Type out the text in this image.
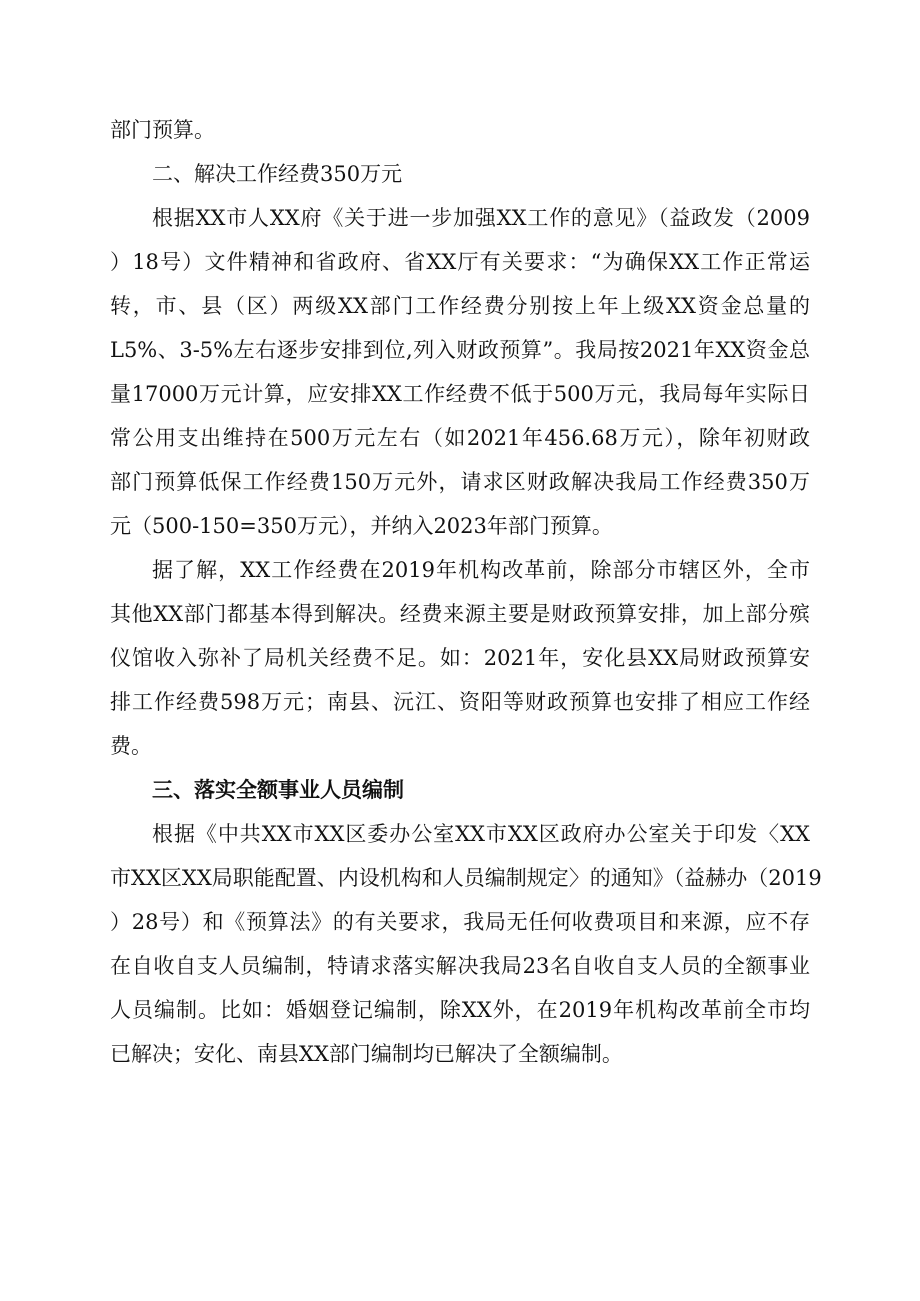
部门预算。
二、解决工作经费350万元
根据XX市人XX府《关于进一步加强XX工作的意见》（益政发（2009
）18号）文件精神和省政府、省XX厅有关要求：“为确保XX工作正常运
转，市、县（区）两级XX部门工作经费分别按上年上级XX资金总量的
L5%、3-5%左右逐步安排到位,列入财政预算”。我局按2021年XX资金总
量17000万元计算，应安排XX工作经费不低于500万元，我局每年实际日
常公用支出维持在500万元左右（如2021年456.68万元），除年初财政
部门预算低保工作经费150万元外，请求区财政解决我局工作经费350万
元（500-150=350万元），并纳入2023年部门预算。
据了解，XX工作经费在2019年机构改革前，除部分市辖区外，全市
其他XX部门都基本得到解决。经费来源主要是财政预算安排，加上部分殡
仪馆收入弥补了局机关经费不足。如：2021年，安化县XX局财政预算安
排工作经费598万元；南县、沅江、资阳等财政预算也安排了相应工作经
费。
三、落实全额事业人员编制
根据《中共XX市XX区委办公室XX市XX区政府办公室关于印发〈XX
市XX区XX局职能配置、内设机构和人员编制规定〉的通知》（益赫办（2019
）28号）和《预算法》的有关要求，我局无任何收费项目和来源，应不存
在自收自支人员编制，特请求落实解决我局23名自收自支人员的全额事业
人员编制。比如：婚姻登记编制，除XX外，在2019年机构改革前全市均
已解决；安化、南县XX部门编制均已解决了全额编制。
